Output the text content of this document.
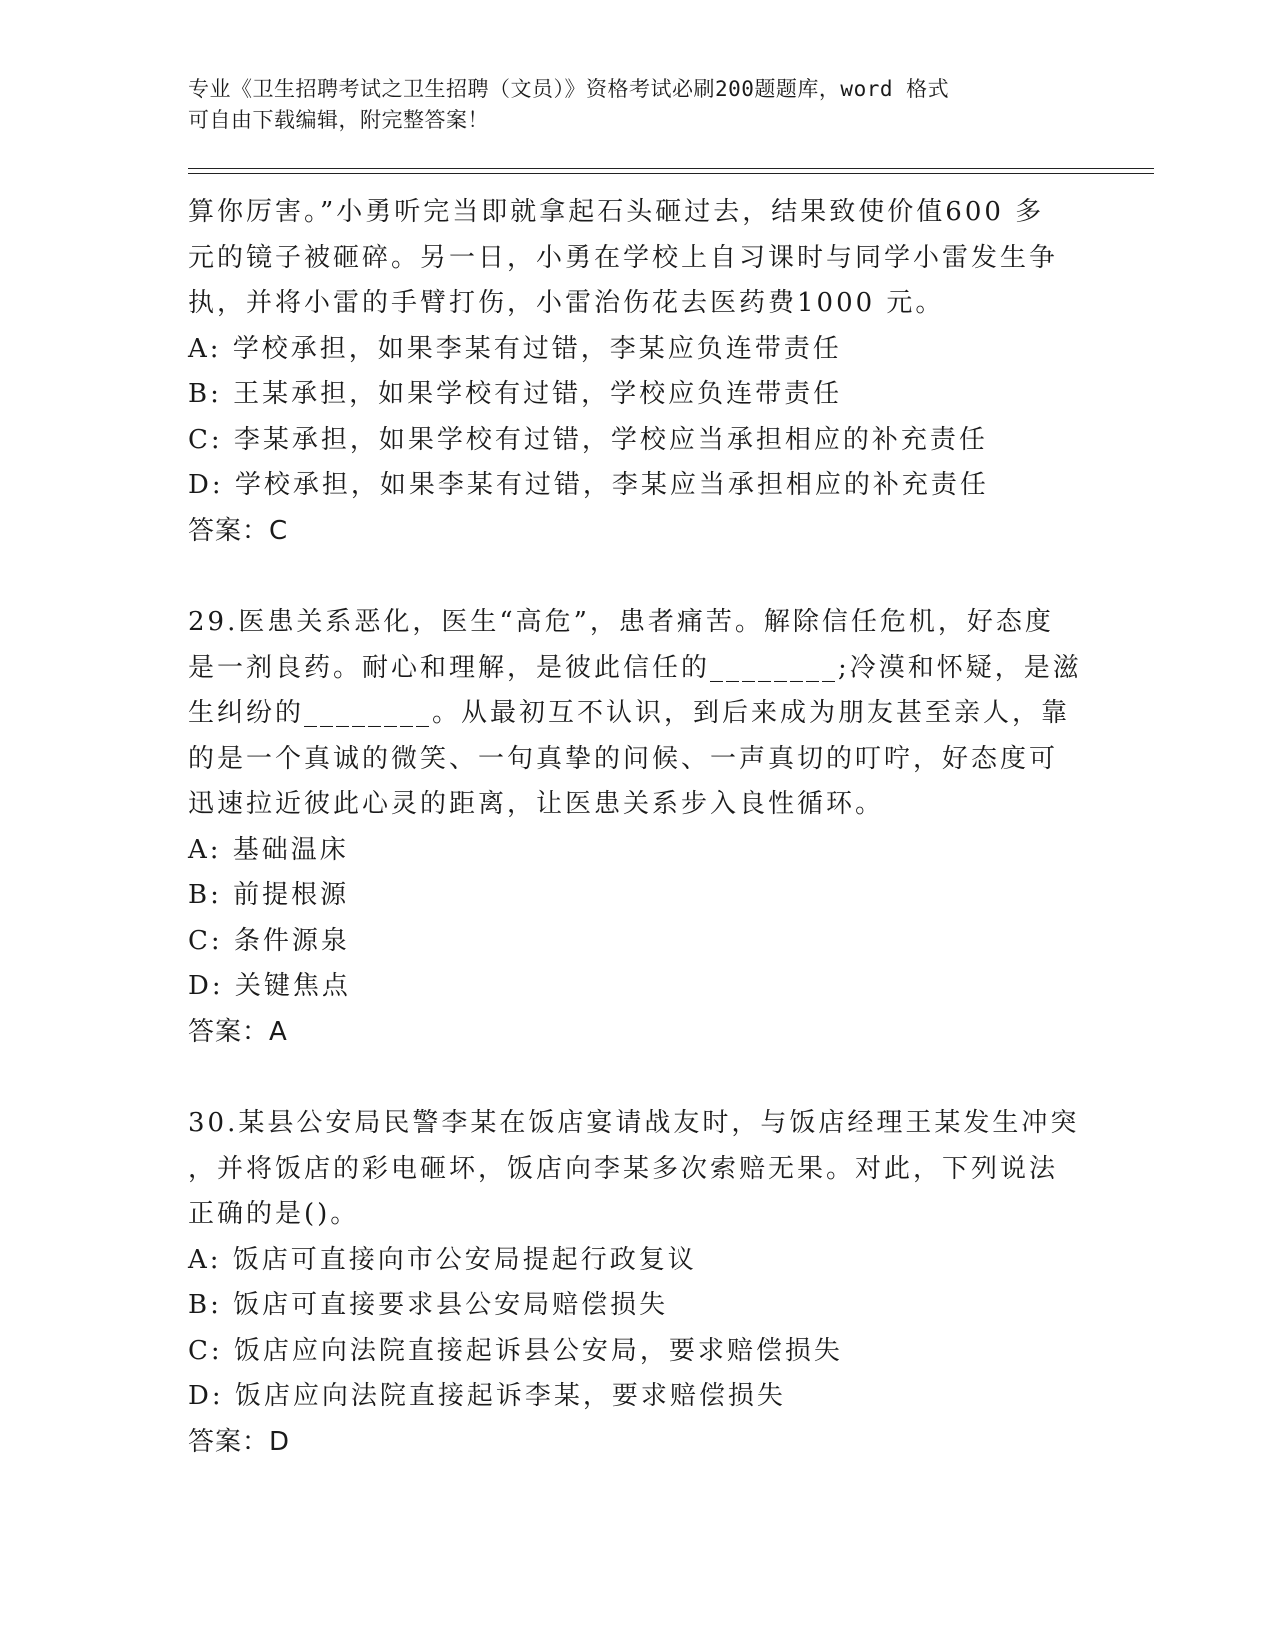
专业《卫生招聘考试之卫生招聘（文员）》资格考试必刷200题题库，word 格式
可自由下载编辑，附完整答案！

算你厉害。”小勇听完当即就拿起石头砸过去，结果致使价值600 多

元的镜子被砸碎。另一日，小勇在学校上自习课时与同学小雷发生争

执，并将小雷的手臂打伤，小雷治伤花去医药费1000 元。

A: 学校承担，如果李某有过错，李某应负连带责任

B: 王某承担，如果学校有过错，学校应负连带责任

C: 李某承担，如果学校有过错，学校应当承担相应的补充责任

D: 学校承担，如果李某有过错，李某应当承担相应的补充责任

答案：C

29.医患关系恶化，医生“高危”，患者痛苦。解除信任危机，好态度

是一剂良药。耐心和理解，是彼此信任的________;冷漠和怀疑，是滋

生纠纷的________。从最初互不认识，到后来成为朋友甚至亲人，靠

的是一个真诚的微笑、一句真挚的问候、一声真切的叮咛，好态度可

迅速拉近彼此心灵的距离，让医患关系步入良性循环。

A: 基础温床

B: 前提根源

C: 条件源泉

D: 关键焦点

答案：A

30.某县公安局民警李某在饭店宴请战友时，与饭店经理王某发生冲突

，并将饭店的彩电砸坏，饭店向李某多次索赔无果。对此，下列说法

正确的是()。

A: 饭店可直接向市公安局提起行政复议

B: 饭店可直接要求县公安局赔偿损失

C: 饭店应向法院直接起诉县公安局，要求赔偿损失

D: 饭店应向法院直接起诉李某，要求赔偿损失

答案：D
